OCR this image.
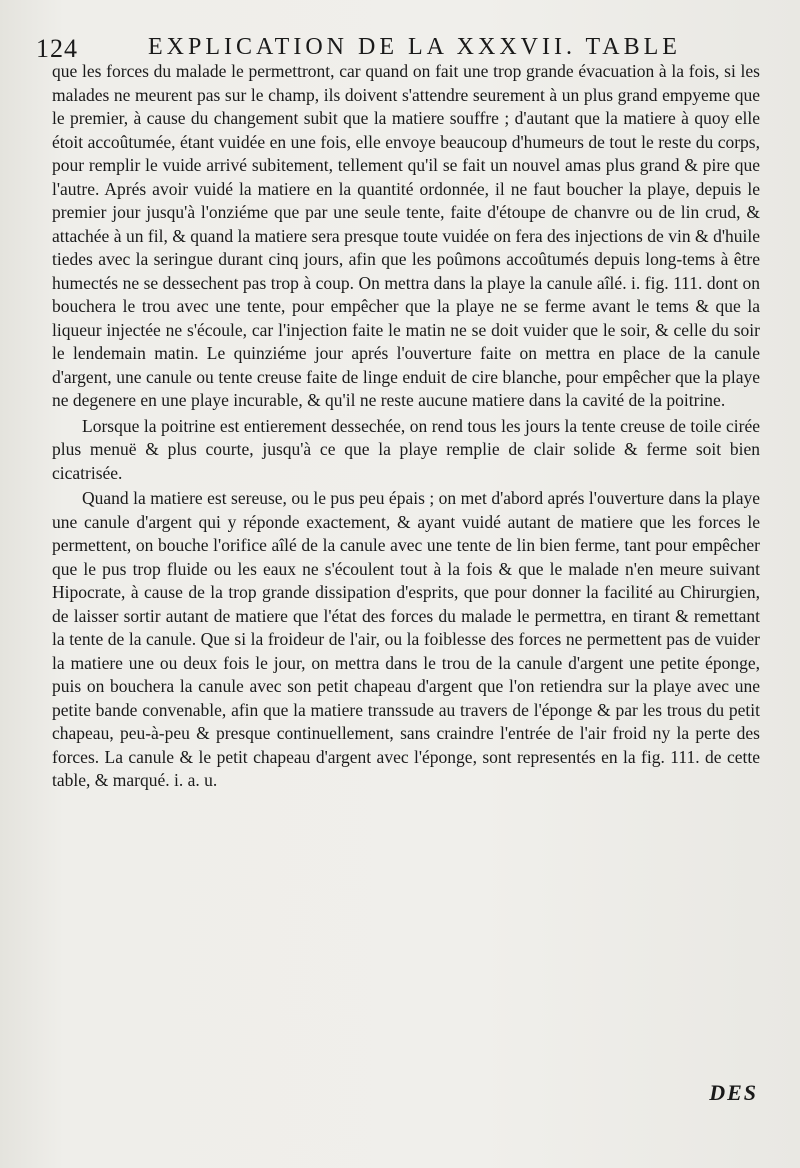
124	EXPLICATION DE LA XXXVII. TABLE

que les forces du malade le permettront, car quand on fait une trop grande évacuation à la fois, si les malades ne meurent pas sur le champ, ils doivent s'attendre seurement à un plus grand empyeme que le premier, à cause du changement subit que la matiere souffre ; d'autant que la matiere à quoy elle étoit accoûtumée, étant vuidée en une fois, elle envoye beaucoup d'humeurs de tout le reste du corps, pour remplir le vuide arrivé subitement, tellement qu'il se fait un nouvel amas plus grand & pire que l'autre. Aprés avoir vuidé la matiere en la quantité ordonnée, il ne faut boucher la playe, depuis le premier jour jusqu'à l'onziéme que par une seule tente, faite d'étoupe de chanvre ou de lin crud, & attachée à un fil, & quand la matiere sera presque toute vuidée on fera des injections de vin & d'huile tiedes avec la seringue durant cinq jours, afin que les poûmons accoûtumés depuis long-tems à être humectés ne se dessechent pas trop à coup. On mettra dans la playe la canule aîlé. i. fig. 111. dont on bouchera le trou avec une tente, pour empêcher que la playe ne se ferme avant le tems & que la liqueur injectée ne s'écoule, car l'injection faite le matin ne se doit vuider que le soir, & celle du soir le lendemain matin. Le quinziéme jour aprés l'ouverture faite on mettra en place de la canule d'argent, une canule ou tente creuse faite de linge enduit de cire blanche, pour empêcher que la playe ne degenere en une playe incurable, & qu'il ne reste aucune matiere dans la cavité de la poitrine.

Lorsque la poitrine est entierement dessechée, on rend tous les jours la tente creuse de toile cirée plus menuë & plus courte, jusqu'à ce que la playe remplie de clair solide & ferme soit bien cicatrisée.

Quand la matiere est sereuse, ou le pus peu épais ; on met d'abord aprés l'ouverture dans la playe une canule d'argent qui y réponde exactement, & ayant vuidé autant de matiere que les forces le permettent, on bouche l'orifice aîlé de la canule avec une tente de lin bien ferme, tant pour empêcher que le pus trop fluide ou les eaux ne s'écoulent tout à la fois & que le malade n'en meure suivant Hipocrate, à cause de la trop grande dissipation d'esprits, que pour donner la facilité au Chirurgien, de laisser sortir autant de matiere que l'état des forces du malade le permettra, en tirant & remettant la tente de la canule. Que si la froideur de l'air, ou la foiblesse des forces ne permettent pas de vuider la matiere une ou deux fois le jour, on mettra dans le trou de la canule d'argent une petite éponge, puis on bouchera la canule avec son petit chapeau d'argent que l'on retiendra sur la playe avec une petite bande convenable, afin que la matiere transsude au travers de l'éponge & par les trous du petit chapeau, peu-à-peu & presque continuellement, sans craindre l'entrée de l'air froid ny la perte des forces. La canule & le petit chapeau d'argent avec l'éponge, sont representés en la fig. 111. de cette table, & marqué. i. a. u.

DES
